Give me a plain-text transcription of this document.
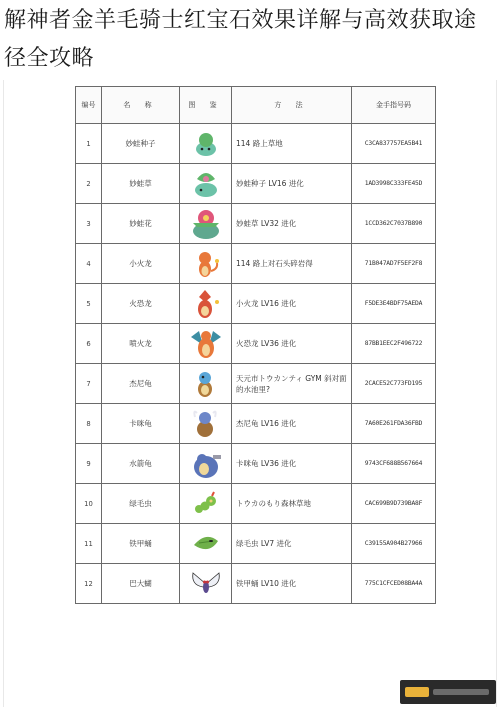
解神者金羊毛骑士红宝石效果详解与高效获取途径全攻略
编号	名 称	图 鉴	方 法	金手指号码
1	妙蛙种子		114 路上草地	C3CA837757EA5B41
2	妙蛙草		妙蛙种子 LV16 进化	1AD3998C333FE45D
3	妙蛙花		妙蛙草 LV32 进化	1CCD362C7037B890
4	小火龙		114 路上对石头碎岩得	71B047AD7F5EF2F8
5	火恐龙		小火龙 LV16 进化	F5DE3E4BDF75AEDA
6	喷火龙		火恐龙 LV36 进化	87BB1EEC2F496722
7	杰尼龟		天元市トウカンティ GYM 斜对面的水池里?	2CACE52C773FD195
8	卡咪龟		杰尼龟 LV16 进化	7A60E261FDA36FBD
9	水箭龟		卡咪龟 LV36 进化	9743CF688B567664
10	绿毛虫		トウカのもり森林草地	CAC699B9D739BA8F
11	铁甲蛹		绿毛虫 LV7 进化	C39155A904B27966
12	巴大蝴		铁甲蛹 LV10 进化	775C1CFCED08BA4A
